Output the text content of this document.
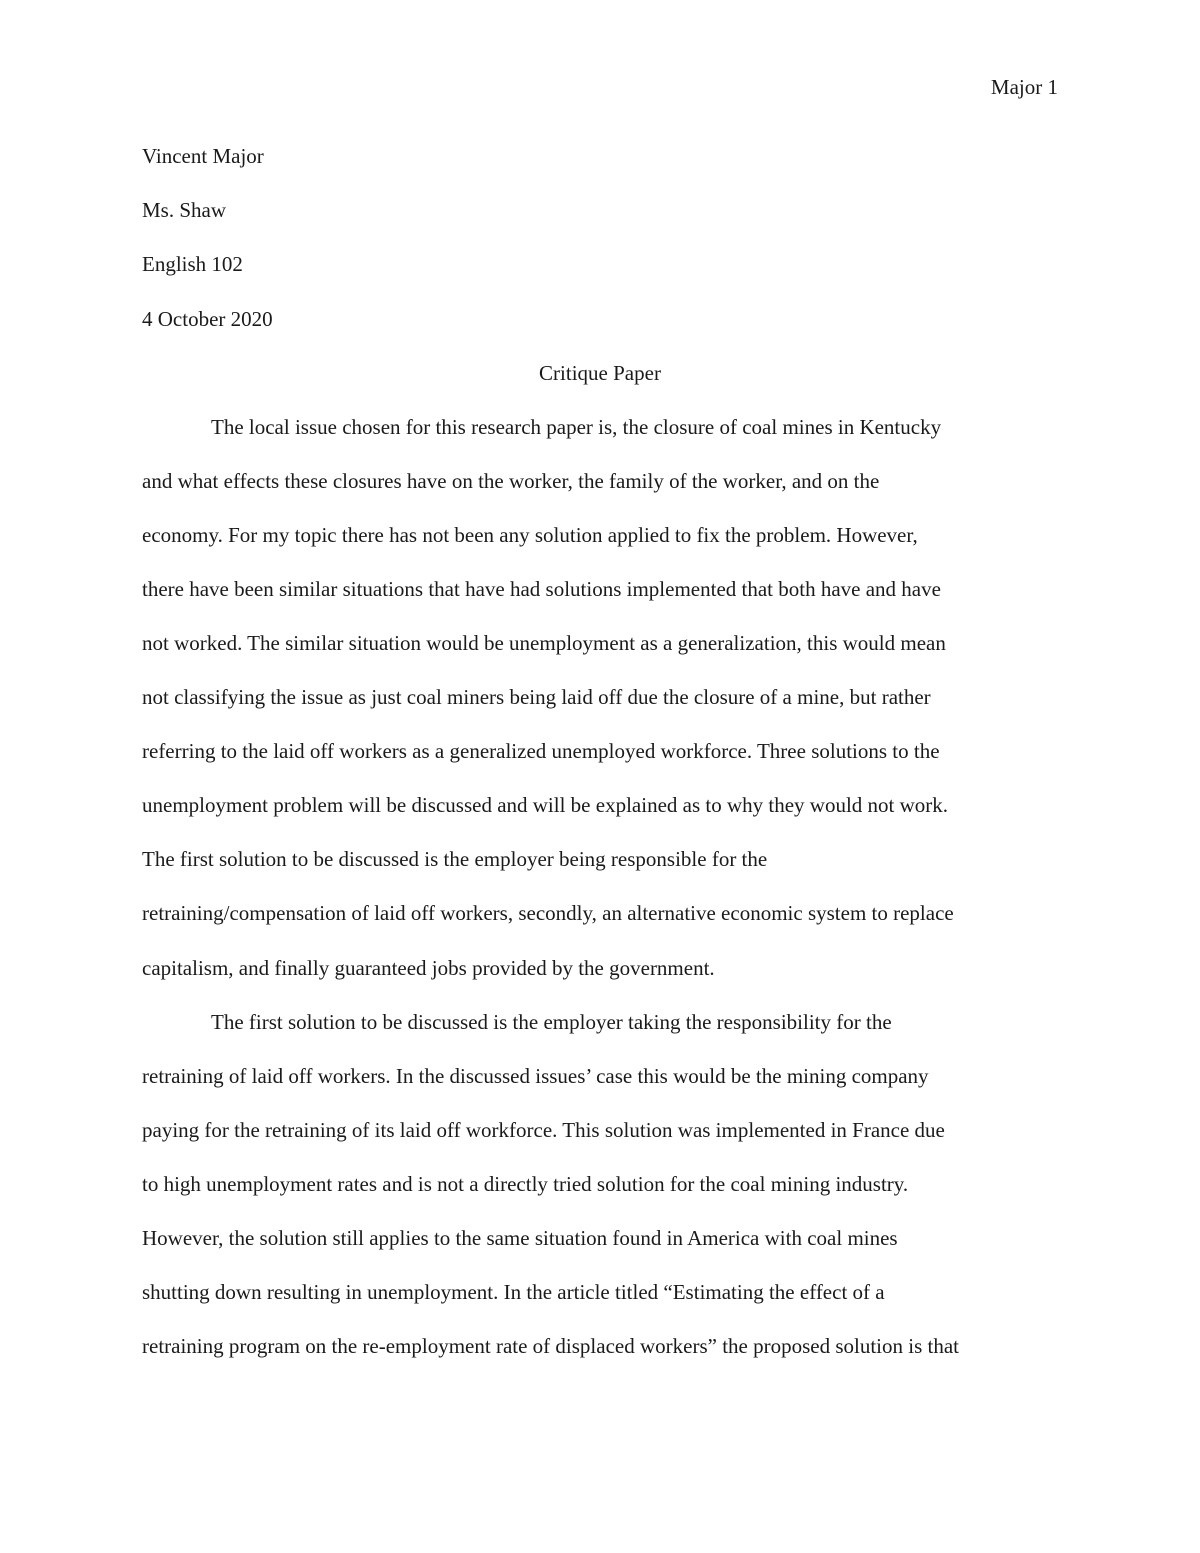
Major 1
Vincent Major
Ms. Shaw
English 102
4 October 2020
Critique Paper
The local issue chosen for this research paper is, the closure of coal mines in Kentucky
and what effects these closures have on the worker, the family of the worker, and on the
economy. For my topic there has not been any solution applied to fix the problem. However,
there have been similar situations that have had solutions implemented that both have and have
not worked. The similar situation would be unemployment as a generalization, this would mean
not classifying the issue as just coal miners being laid off due the closure of a mine, but rather
referring to the laid off workers as a generalized unemployed workforce. Three solutions to the
unemployment problem will be discussed and will be explained as to why they would not work.
The first solution to be discussed is the employer being responsible for the
retraining/compensation of laid off workers, secondly, an alternative economic system to replace
capitalism, and finally guaranteed jobs provided by the government.
The first solution to be discussed is the employer taking the responsibility for the
retraining of laid off workers. In the discussed issues’ case this would be the mining company
paying for the retraining of its laid off workforce. This solution was implemented in France due
to high unemployment rates and is not a directly tried solution for the coal mining industry.
However, the solution still applies to the same situation found in America with coal mines
shutting down resulting in unemployment. In the article titled “Estimating the effect of a
retraining program on the re-employment rate of displaced workers” the proposed solution is that
